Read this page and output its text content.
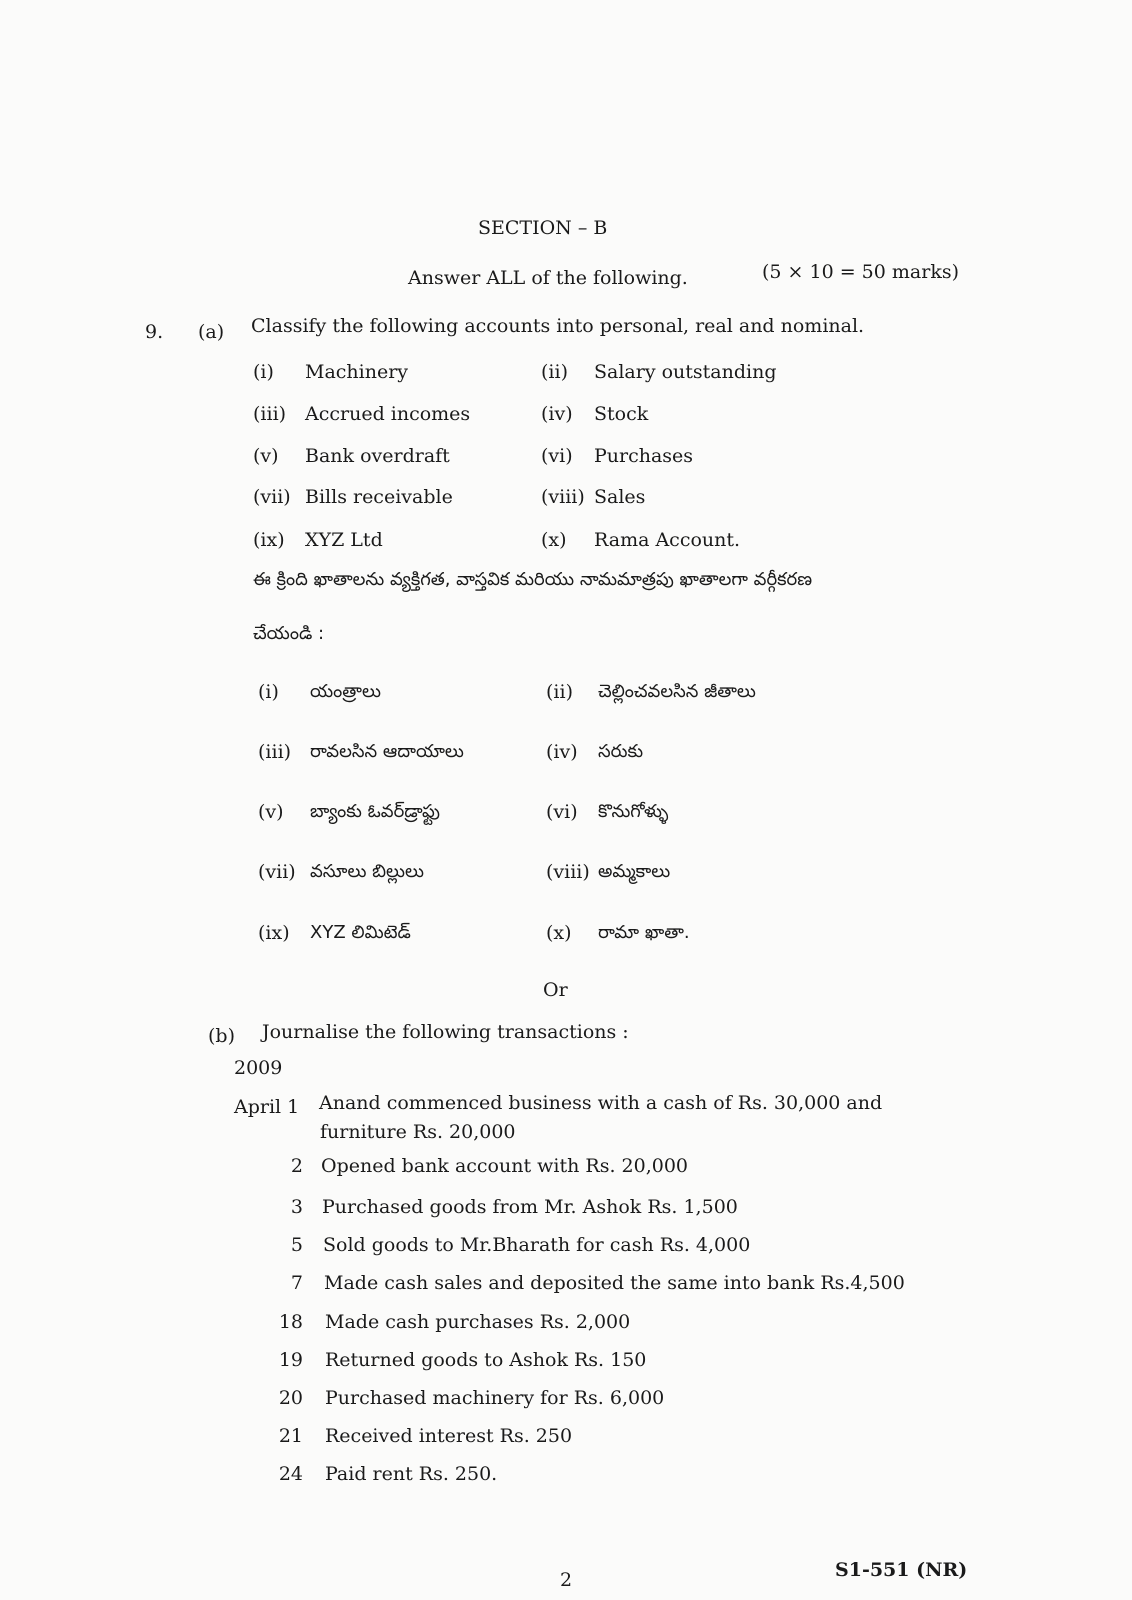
SECTION – B
Answer ALL of the following.	(5 × 10 = 50 marks)
9. (a) Classify the following accounts into personal, real and nominal.
(i) Machinery	(ii) Salary outstanding
(iii) Accrued incomes	(iv) Stock
(v) Bank overdraft	(vi) Purchases
(vii) Bills receivable	(viii) Sales
(ix) XYZ Ltd	(x) Rama Account.
ఈ క్రింది ఖాతాలను వ్యక్తిగత, వాస్తవిక మరియు నామమాత్రపు ఖాతాలగా వర్గీకరణ
చేయండి :
(i) యంత్రాలు	(ii) చెల్లించవలసిన జీతాలు
(iii) రావలసిన ఆదాయాలు	(iv) సరుకు
(v) బ్యాంకు ఓవర్‌డ్రాఫ్టు	(vi) కొనుగోళ్ళు
(vii) వసూలు బిల్లులు	(viii) అమ్మకాలు
(ix) XYZ లిమిటెడ్	(x) రామా ఖాతా.
Or
(b) Journalise the following transactions :
2009
April 1 Anand commenced business with a cash of Rs. 30,000 and
furniture Rs. 20,000
2 Opened bank account with Rs. 20,000
3 Purchased goods from Mr. Ashok Rs. 1,500
5 Sold goods to Mr.Bharath for cash Rs. 4,000
7 Made cash sales and deposited the same into bank Rs.4,500
18 Made cash purchases Rs. 2,000
19 Returned goods to Ashok Rs. 150
20 Purchased machinery for Rs. 6,000
21 Received interest Rs. 250
24 Paid rent Rs. 250.
2	S1-551 (NR)
